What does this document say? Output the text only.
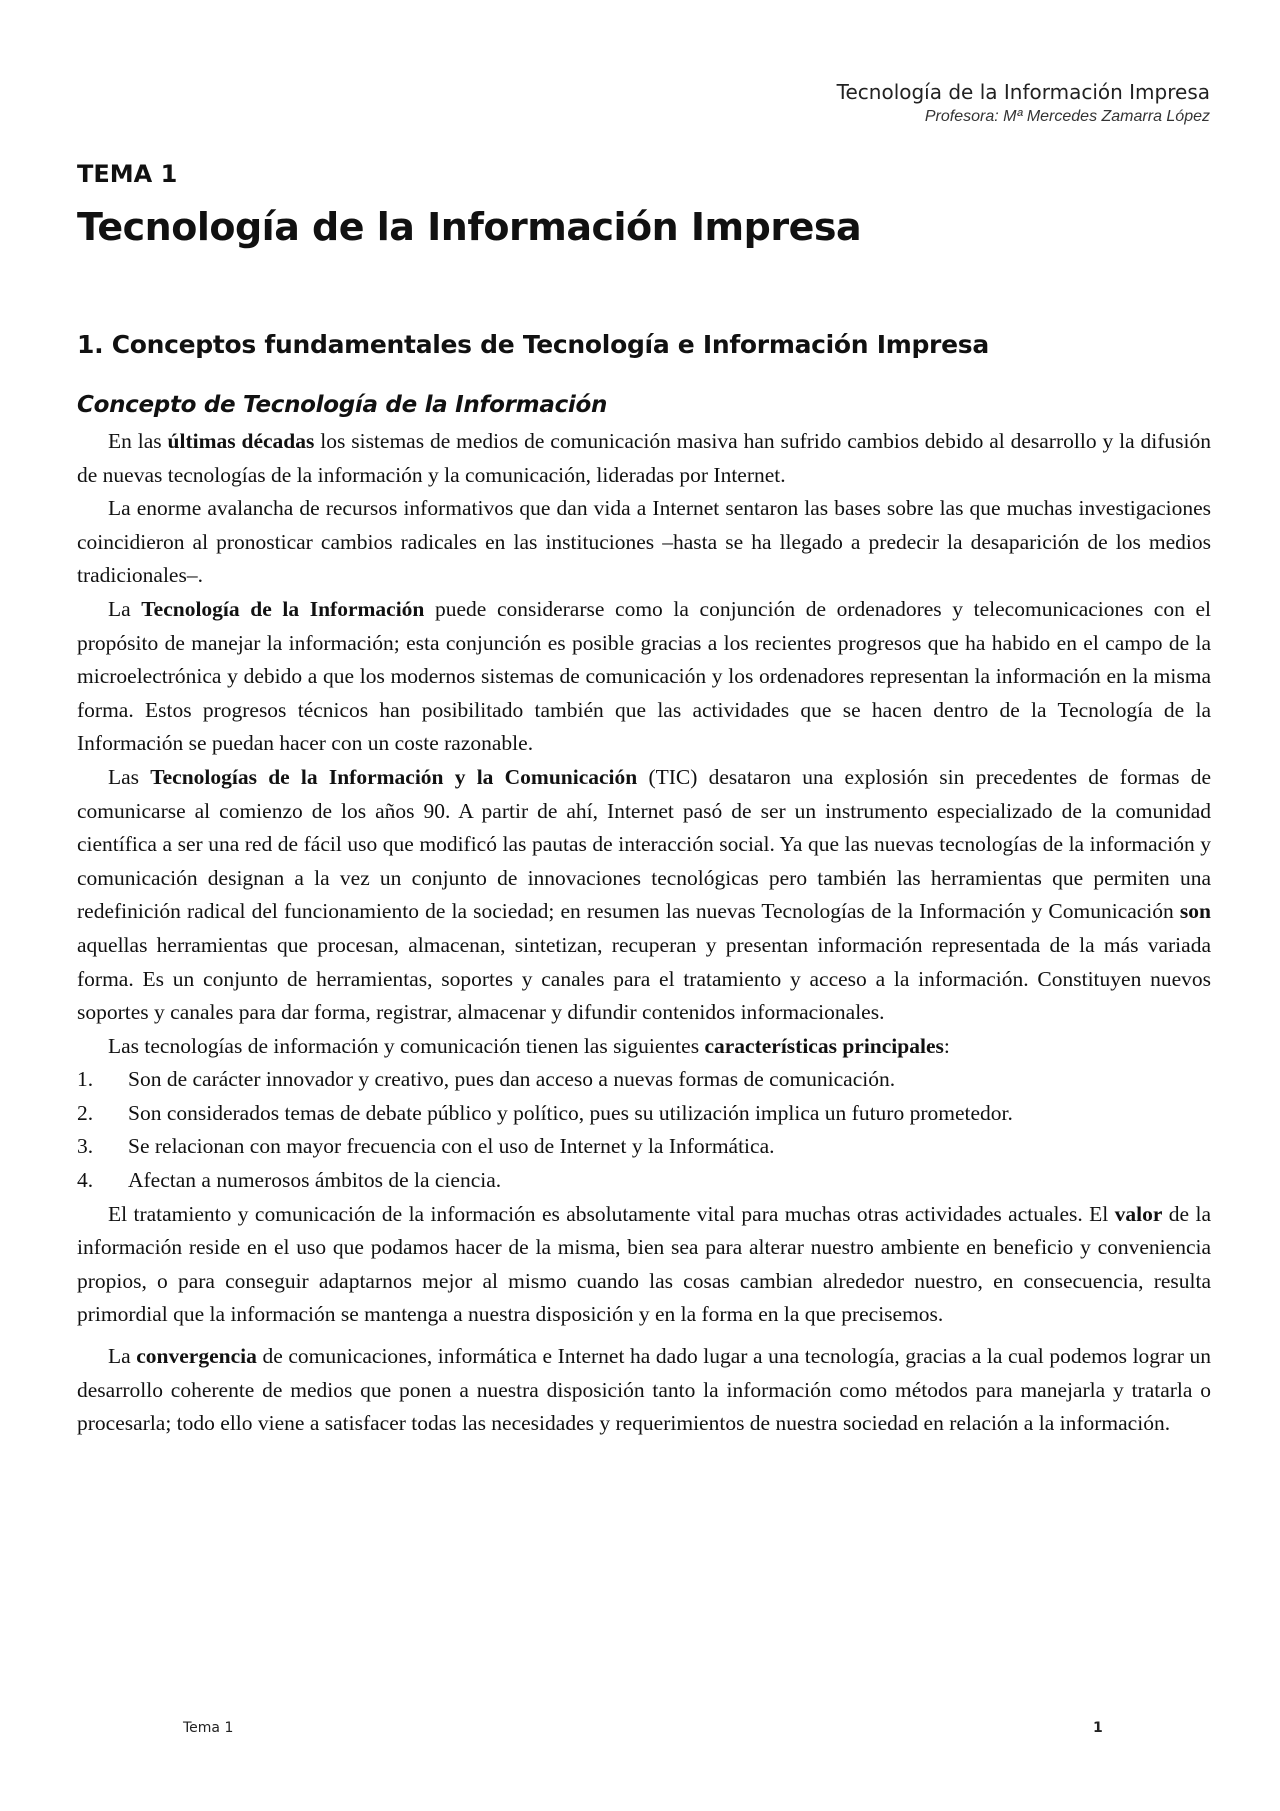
Tecnología de la Información Impresa
Profesora: Mª Mercedes Zamarra López
TEMA 1
Tecnología de la Información Impresa
1. Conceptos fundamentales de Tecnología e Información Impresa
Concepto de Tecnología de la Información

En las últimas décadas los sistemas de medios de comunicación masiva han sufrido cambios debido al desarrollo y la difusión de nuevas tecnologías de la información y la comunicación, lideradas por Internet.

La enorme avalancha de recursos informativos que dan vida a Internet sentaron las bases sobre las que muchas investigaciones coincidieron al pronosticar cambios radicales en las instituciones –hasta se ha llegado a predecir la desaparición de los medios tradicionales–.

La Tecnología de la Información puede considerarse como la conjunción de ordenadores y telecomunicaciones con el propósito de manejar la información; esta conjunción es posible gracias a los recientes progresos que ha habido en el campo de la microelectrónica y debido a que los modernos sistemas de comunicación y los ordenadores representan la información en la misma forma. Estos progresos técnicos han posibilitado también que las actividades que se hacen dentro de la Tecnología de la Información se puedan hacer con un coste razonable.

Las Tecnologías de la Información y la Comunicación (TIC) desataron una explosión sin precedentes de formas de comunicarse al comienzo de los años 90. A partir de ahí, Internet pasó de ser un instrumento especializado de la comunidad científica a ser una red de fácil uso que modificó las pautas de interacción social. Ya que las nuevas tecnologías de la información y comunicación designan a la vez un conjunto de innovaciones tecnológicas pero también las herramientas que permiten una redefinición radical del funcionamiento de la sociedad; en resumen las nuevas Tecnologías de la Información y Comunicación son aquellas herramientas que procesan, almacenan, sintetizan, recuperan y presentan información representada de la más variada forma. Es un conjunto de herramientas, soportes y canales para el tratamiento y acceso a la información. Constituyen nuevos soportes y canales para dar forma, registrar, almacenar y difundir contenidos informacionales.

Las tecnologías de información y comunicación tienen las siguientes características principales:

1. Son de carácter innovador y creativo, pues dan acceso a nuevas formas de comunicación.
2. Son considerados temas de debate público y político, pues su utilización implica un futuro prometedor.
3. Se relacionan con mayor frecuencia con el uso de Internet y la Informática.
4. Afectan a numerosos ámbitos de la ciencia.

El tratamiento y comunicación de la información es absolutamente vital para muchas otras actividades actuales. El valor de la información reside en el uso que podamos hacer de la misma, bien sea para alterar nuestro ambiente en beneficio y conveniencia propios, o para conseguir adaptarnos mejor al mismo cuando las cosas cambian alrededor nuestro, en consecuencia, resulta primordial que la información se mantenga a nuestra disposición y en la forma en la que precisemos.

La convergencia de comunicaciones, informática e Internet ha dado lugar a una tecnología, gracias a la cual podemos lograr un desarrollo coherente de medios que ponen a nuestra disposición tanto la información como métodos para manejarla y tratarla o procesarla; todo ello viene a satisfacer todas las necesidades y requerimientos de nuestra sociedad en relación a la información.

Tema 1	1
